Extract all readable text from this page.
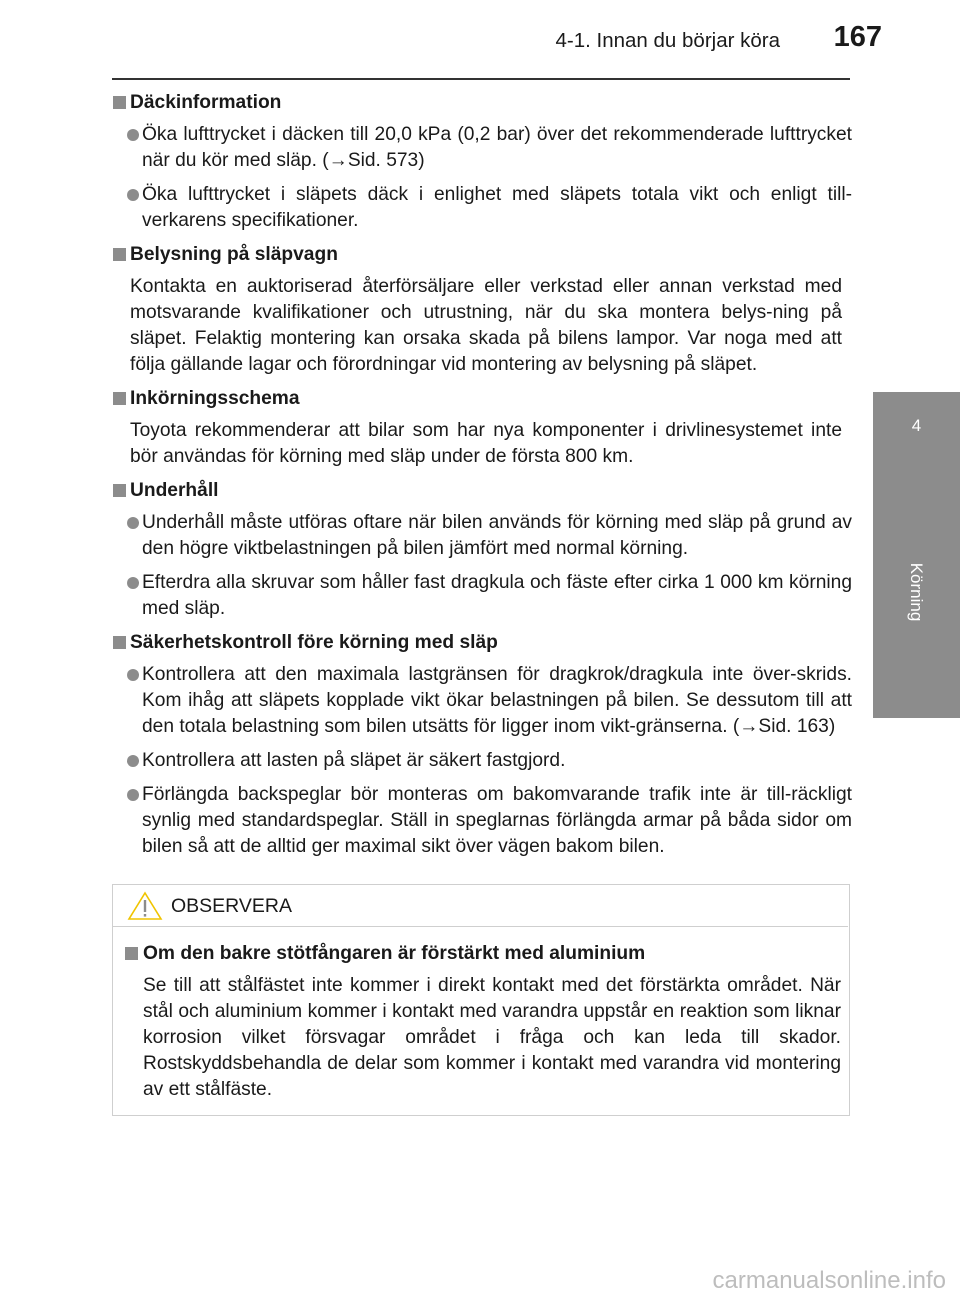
4-1. Innan du börjar köra	167
4
Körning
Däckinformation
Öka lufttrycket i däcken till 20,0 kPa (0,2 bar) över det rekommenderade lufttrycket när du kör med släp. (→Sid. 573)
Öka lufttrycket i släpets däck i enlighet med släpets totala vikt och enligt till-verkarens specifikationer.
Belysning på släpvagn
Kontakta en auktoriserad återförsäljare eller verkstad eller annan verkstad med motsvarande kvalifikationer och utrustning, när du ska montera belys-ning på släpet. Felaktig montering kan orsaka skada på bilens lampor. Var noga med att följa gällande lagar och förordningar vid montering av belysning på släpet.
Inkörningsschema
Toyota rekommenderar att bilar som har nya komponenter i drivlinesystemet inte bör användas för körning med släp under de första 800 km.
Underhåll
Underhåll måste utföras oftare när bilen används för körning med släp på grund av den högre viktbelastningen på bilen jämfört med normal körning.
Efterdra alla skruvar som håller fast dragkula och fäste efter cirka 1 000 km körning med släp.
Säkerhetskontroll före körning med släp
Kontrollera att den maximala lastgränsen för dragkrok/dragkula inte över-skrids. Kom ihåg att släpets kopplade vikt ökar belastningen på bilen. Se dessutom till att den totala belastning som bilen utsätts för ligger inom vikt-gränserna. (→Sid. 163)
Kontrollera att lasten på släpet är säkert fastgjord.
Förlängda backspeglar bör monteras om bakomvarande trafik inte är till-räckligt synlig med standardspeglar. Ställ in speglarnas förlängda armar på båda sidor om bilen så att de alltid ger maximal sikt över vägen bakom bilen.
OBSERVERA
Om den bakre stötfångaren är förstärkt med aluminium
Se till att stålfästet inte kommer i direkt kontakt med det förstärkta området. När stål och aluminium kommer i kontakt med varandra uppstår en reaktion som liknar korrosion vilket försvagar området i fråga och kan leda till skador. Rostskyddsbehandla de delar som kommer i kontakt med varandra vid montering av ett stålfäste.
carmanualsonline.info
